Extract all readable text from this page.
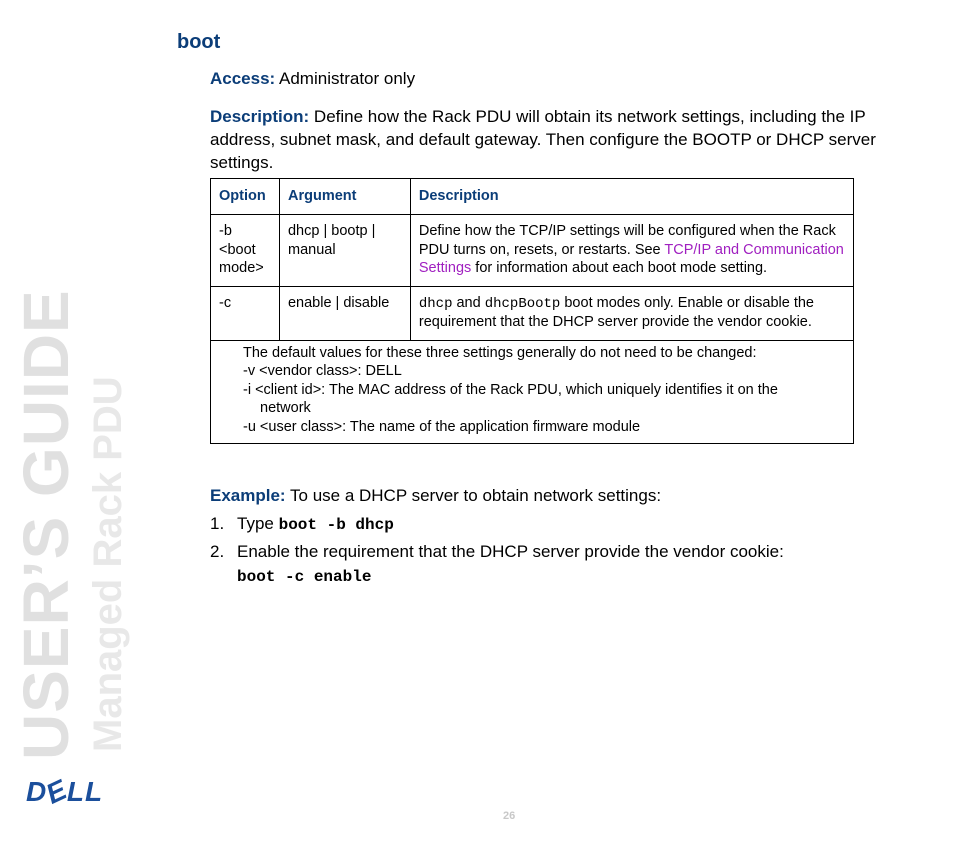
USER’S GUIDE Managed Rack PDU
DELL
boot
Access: Administrator only
Description: Define how the Rack PDU will obtain its network settings, including the IP address, subnet mask, and default gateway. Then configure the BOOTP or DHCP server settings.
Option	Argument	Description
-b <boot mode>	dhcp | bootp | manual	Define how the TCP/IP settings will be configured when the Rack PDU turns on, resets, or restarts. See TCP/IP and Communication Settings for information about each boot mode setting.
-c	enable | disable	dhcp and dhcpBootp boot modes only. Enable or disable the requirement that the DHCP server provide the vendor cookie.

The default values for these three settings generally do not need to be changed:
-v <vendor class>: DELL
-i <client id>: The MAC address of the Rack PDU, which uniquely identifies it on the
network
-u <user class>: The name of the application firmware module		
Example: To use a DHCP server to obtain network settings:
1. Type boot -b dhcp
2. Enable the requirement that the DHCP server provide the vendor cookie:
boot -c enable
26
